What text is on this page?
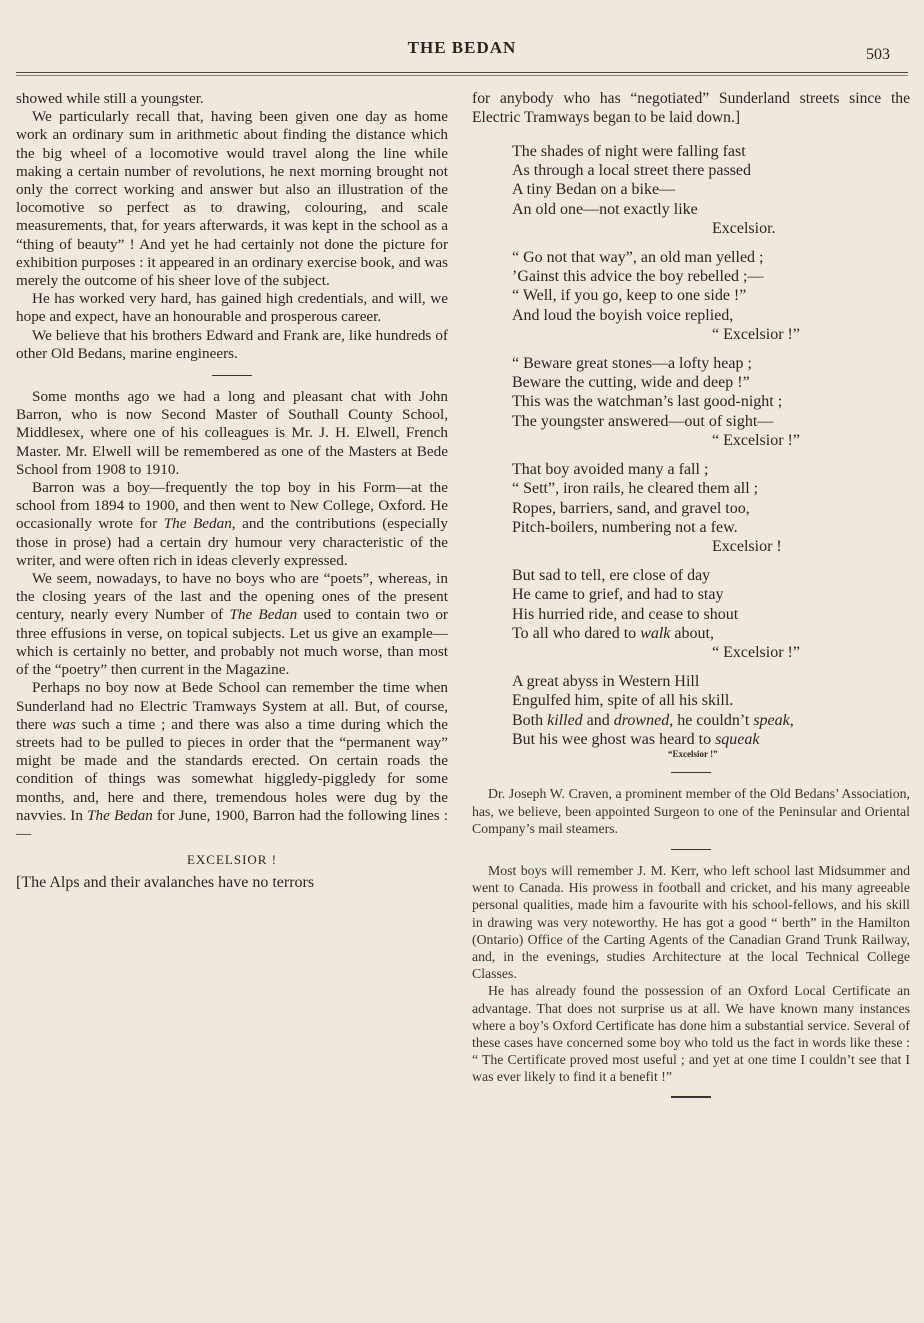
THE BEDAN	503

showed while still a youngster.

We particularly recall that, having been given one day as home work an ordinary sum in arithmetic about finding the distance which the big wheel of a locomotive would travel along the line while making a certain number of revolutions, he next morning brought not only the correct working and answer but also an illustration of the locomotive so perfect as to drawing, colouring, and scale measurements, that, for years afterwards, it was kept in the school as a “thing of beauty” ! And yet he had certainly not done the picture for exhibition purposes : it appeared in an ordinary exercise book, and was merely the outcome of his sheer love of the subject.

He has worked very hard, has gained high credentials, and will, we hope and expect, have an honourable and prosperous career.

We believe that his brothers Edward and Frank are, like hundreds of other Old Bedans, marine engineers.

Some months ago we had a long and pleasant chat with John Barron, who is now Second Master of Southall County School, Middlesex, where one of his colleagues is Mr. J. H. Elwell, French Master. Mr. Elwell will be remembered as one of the Masters at Bede School from 1908 to 1910.

Barron was a boy—frequently the top boy in his Form—at the school from 1894 to 1900, and then went to New College, Oxford. He occasionally wrote for The Bedan, and the contributions (especially those in prose) had a certain dry humour very characteristic of the writer, and were often rich in ideas cleverly expressed.

We seem, nowadays, to have no boys who are “poets”, whereas, in the closing years of the last and the opening ones of the present century, nearly every Number of The Bedan used to contain two or three effusions in verse, on topical subjects. Let us give an example—which is certainly no better, and probably not much worse, than most of the “poetry” then current in the Magazine.

Perhaps no boy now at Bede School can remember the time when Sunderland had no Electric Tramways System at all. But, of course, there was such a time ; and there was also a time during which the streets had to be pulled to pieces in order that the “permanent way” might be made and the standards erected. On certain roads the condition of things was somewhat higgledy-piggledy for some months, and, here and there, tremendous holes were dug by the navvies. In The Bedan for June, 1900, Barron had the following lines :—

EXCELSIOR !

[The Alps and their avalanches have no terrors

for anybody who has “negotiated” Sunderland streets since the Electric Tramways began to be laid down.]

The shades of night were falling fast
As through a local street there passed
A tiny Bedan on a bike—
An old one—not exactly like
Excelsior.
“ Go not that way”, an old man yelled ;
’Gainst this advice the boy rebelled ;—
“ Well, if you go, keep to one side !”
And loud the boyish voice replied,
“ Excelsior !”
“ Beware great stones—a lofty heap ;
Beware the cutting, wide and deep !”
This was the watchman’s last good-night ;
The youngster answered—out of sight—
“ Excelsior !”
That boy avoided many a fall ;
“ Sett”, iron rails, he cleared them all ;
Ropes, barriers, sand, and gravel too,
Pitch-boilers, numbering not a few.
Excelsior !
But sad to tell, ere close of day
He came to grief, and had to stay
His hurried ride, and cease to shout
To all who dared to walk about,
“ Excelsior !”
A great abyss in Western Hill
Engulfed him, spite of all his skill.
Both killed and drowned, he couldn’t speak,
But his wee ghost was heard to squeak
“Excelsior !”

Dr. Joseph W. Craven, a prominent member of the Old Bedans’ Association, has, we believe, been appointed Surgeon to one of the Peninsular and Oriental Company’s mail steamers.

Most boys will remember J. M. Kerr, who left school last Midsummer and went to Canada. His prowess in football and cricket, and his many agreeable personal qualities, made him a favourite with his school-fellows, and his skill in drawing was very noteworthy. He has got a good “ berth” in the Hamilton (Ontario) Office of the Carting Agents of the Canadian Grand Trunk Railway, and, in the evenings, studies Architecture at the local Technical College Classes.

He has already found the possession of an Oxford Local Certificate an advantage. That does not surprise us at all. We have known many instances where a boy’s Oxford Certificate has done him a substantial service. Several of these cases have concerned some boy who told us the fact in words like these : “ The Certificate proved most useful ; and yet at one time I couldn’t see that I was ever likely to find it a benefit !”
